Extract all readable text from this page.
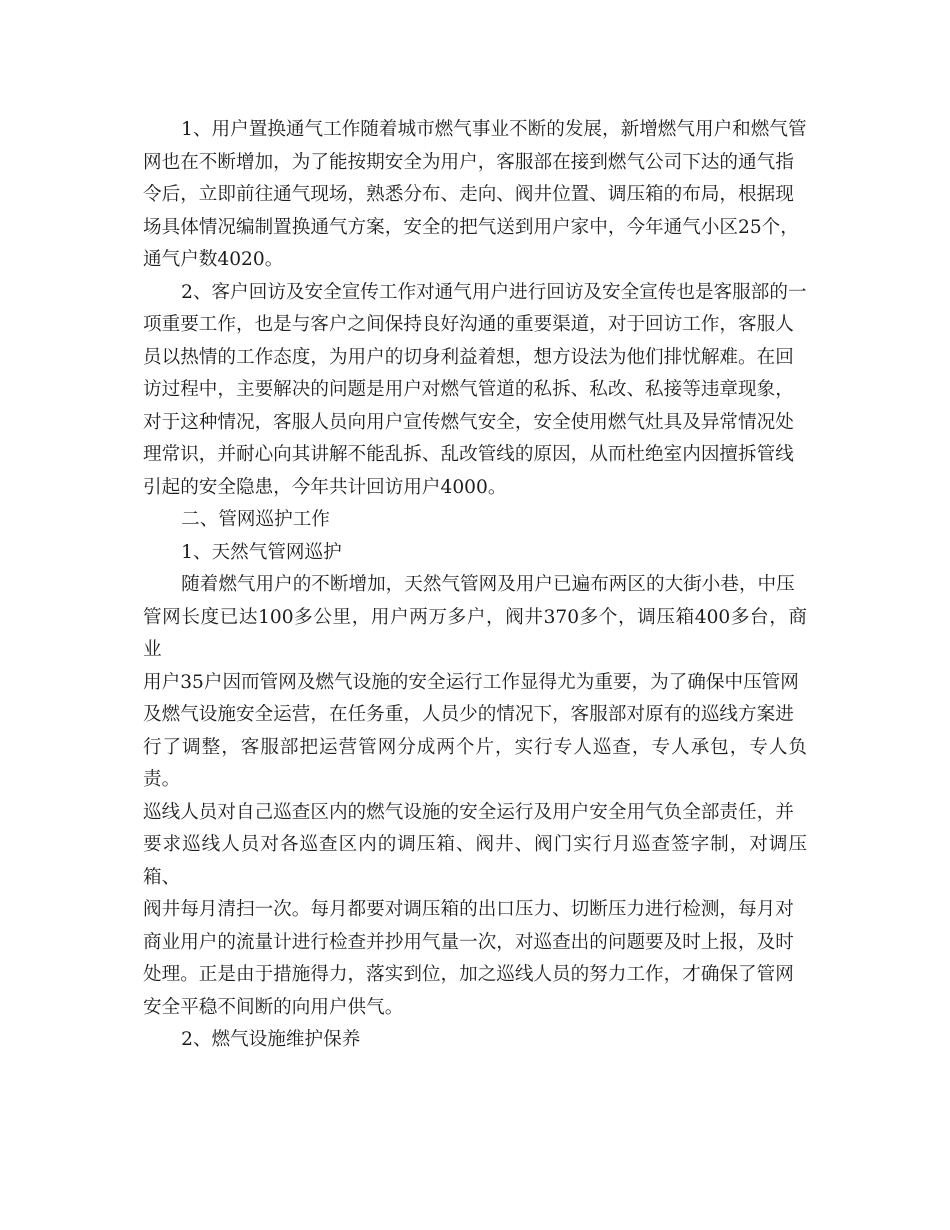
1、用户置换通气工作随着城市燃气事业不断的发展，新增燃气用户和燃气管
网也在不断增加，为了能按期安全为用户，客服部在接到燃气公司下达的通气指
令后，立即前往通气现场，熟悉分布、走向、阀井位置、调压箱的布局，根据现
场具体情况编制置换通气方案，安全的把气送到用户家中，今年通气小区25个，
通气户数4020。

2、客户回访及安全宣传工作对通气用户进行回访及安全宣传也是客服部的一
项重要工作，也是与客户之间保持良好沟通的重要渠道，对于回访工作，客服人
员以热情的工作态度，为用户的切身利益着想，想方设法为他们排忧解难。在回
访过程中，主要解决的问题是用户对燃气管道的私拆、私改、私接等违章现象，
对于这种情况，客服人员向用户宣传燃气安全，安全使用燃气灶具及异常情况处
理常识，并耐心向其讲解不能乱拆、乱改管线的原因，从而杜绝室内因擅拆管线
引起的安全隐患，今年共计回访用户4000。

二、管网巡护工作

1、天然气管网巡护

随着燃气用户的不断增加，天然气管网及用户已遍布两区的大街小巷，中压
管网长度已达100多公里，用户两万多户，阀井370多个，调压箱400多台，商业
用户35户因而管网及燃气设施的安全运行工作显得尤为重要，为了确保中压管网
及燃气设施安全运营，在任务重，人员少的情况下，客服部对原有的巡线方案进
行了调整，客服部把运营管网分成两个片，实行专人巡查，专人承包，专人负责。
巡线人员对自己巡查区内的燃气设施的安全运行及用户安全用气负全部责任，并
要求巡线人员对各巡查区内的调压箱、阀井、阀门实行月巡查签字制，对调压箱、
阀井每月清扫一次。每月都要对调压箱的出口压力、切断压力进行检测，每月对
商业用户的流量计进行检查并抄用气量一次，对巡查出的问题要及时上报，及时
处理。正是由于措施得力，落实到位，加之巡线人员的努力工作，才确保了管网
安全平稳不间断的向用户供气。

2、燃气设施维护保养
